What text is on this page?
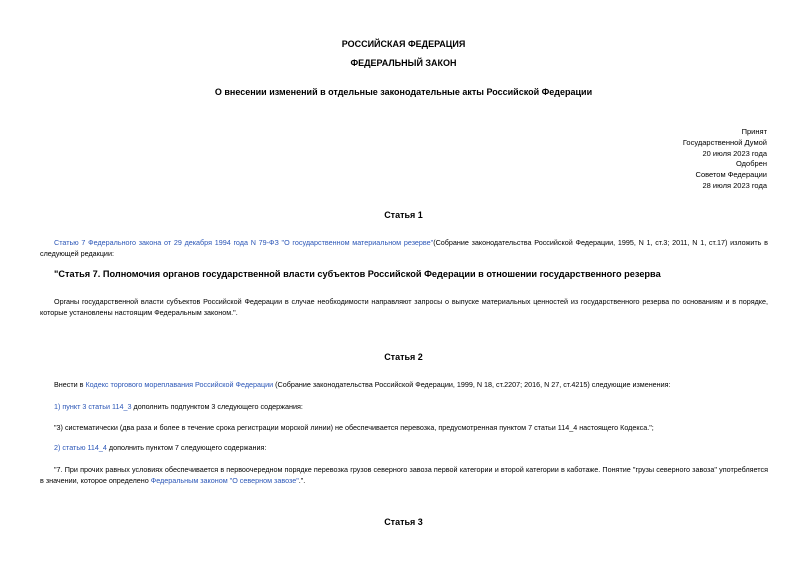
РОССИЙСКАЯ ФЕДЕРАЦИЯ
ФЕДЕРАЛЬНЫЙ ЗАКОН
О внесении изменений в отдельные законодательные акты Российской Федерации
Принят
Государственной Думой
20 июля 2023 года
Одобрен
Советом Федерации
28 июля 2023 года
Статья 1
Статью 7 Федерального закона от 29 декабря 1994 года N 79-ФЗ "О государственном материальном резерве"(Собрание законодательства Российской Федерации, 1995, N 1, ст.3; 2011, N 1, ст.17) изложить в следующей редакции:
"Статья 7. Полномочия органов государственной власти субъектов Российской Федерации в отношении государственного резерва
Органы государственной власти субъектов Российской Федерации в случае необходимости направляют запросы о выпуске материальных ценностей из государственного резерва по основаниям и в порядке, которые установлены настоящим Федеральным законом.".
Статья 2
Внести в Кодекс торгового мореплавания Российской Федерации (Собрание законодательства Российской Федерации, 1999, N 18, ст.2207; 2016, N 27, ст.4215) следующие изменения:
1) пункт 3 статьи 114_3 дополнить подпунктом 3 следующего содержания:
"3) систематически (два раза и более в течение срока регистрации морской линии) не обеспечивается перевозка, предусмотренная пунктом 7 статьи 114_4 настоящего Кодекса.";
2) статью 114_4 дополнить пунктом 7 следующего содержания:
"7. При прочих равных условиях обеспечивается в первоочередном порядке перевозка грузов северного завоза первой категории и второй категории в каботаже. Понятие "грузы северного завоза" употребляется в значении, которое определено Федеральным законом "О северном завозе".".
Статья 3
